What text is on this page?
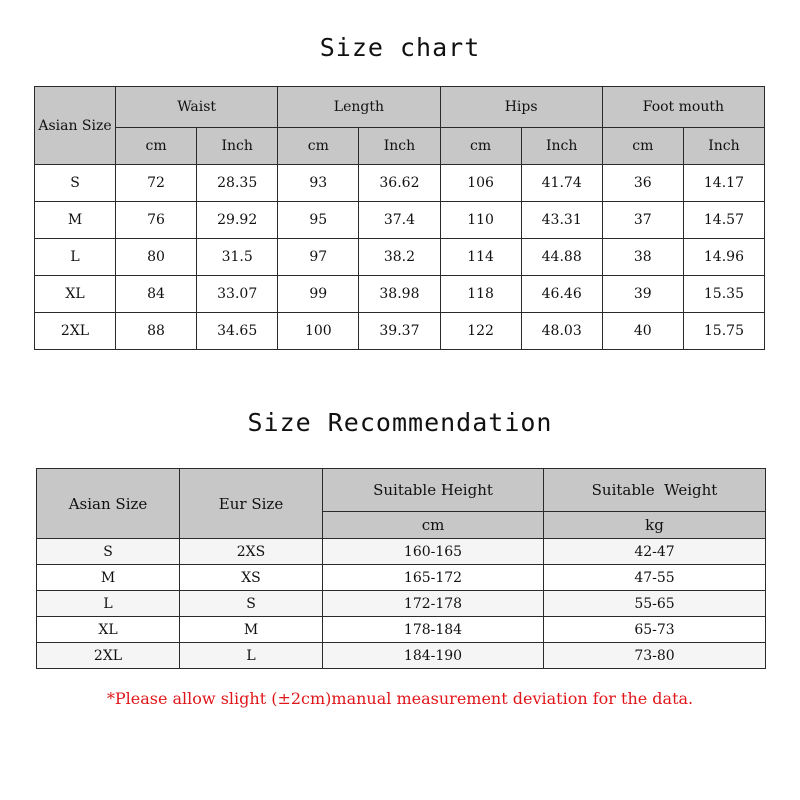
Size chart
Asian Size	Waist		Length		Hips		Foot mouth	
	cm	Inch	cm	Inch	cm	Inch	cm	Inch
S	72	28.35	93	36.62	106	41.74	36	14.17
M	76	29.92	95	37.4	110	43.31	37	14.57
L	80	31.5	97	38.2	114	44.88	38	14.96
XL	84	33.07	99	38.98	118	46.46	39	15.35
2XL	88	34.65	100	39.37	122	48.03	40	15.75
Size Recommendation
Asian Size	Eur Size	Suitable Height	Suitable  Weight
		cm	kg
S	2XS	160-165	42-47
M	XS	165-172	47-55
L	S	172-178	55-65
XL	M	178-184	65-73
2XL	L	184-190	73-80
*Please allow slight (±2cm)manual measurement deviation for the data.
